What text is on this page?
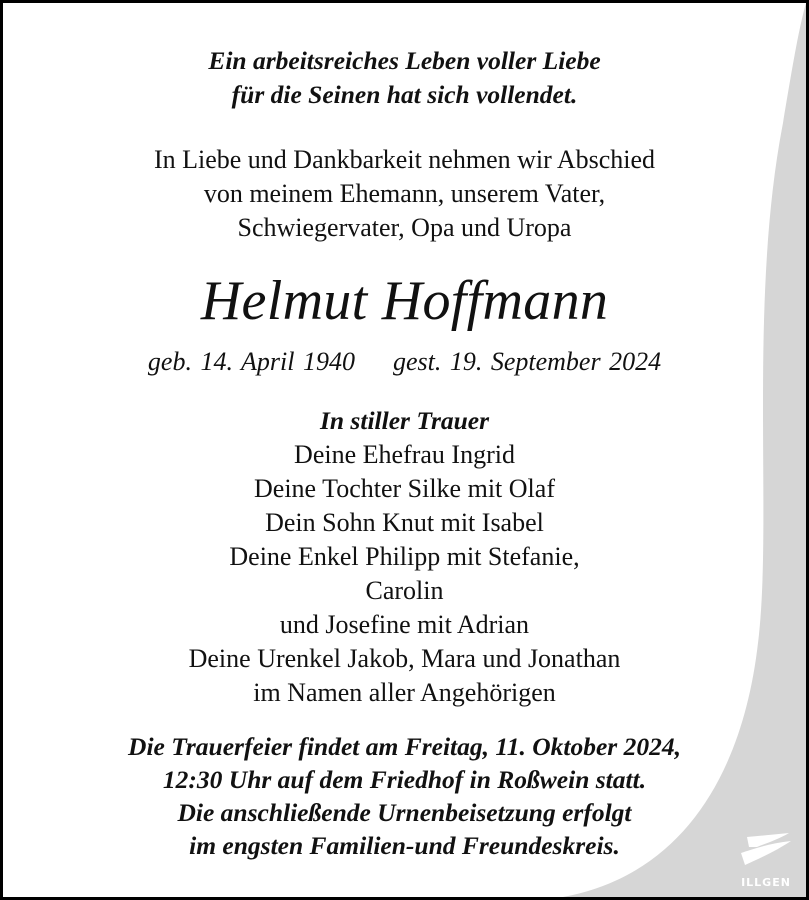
Ein arbeitsreiches Leben voller Liebe
für die Seinen hat sich vollendet.
In Liebe und Dankbarkeit nehmen wir Abschied
von meinem Ehemann, unserem Vater,
Schwiegervater, Opa und Uropa
Helmut Hoffmann
geb. 14. April 1940 gest. 19. September 2024
In stiller Trauer
Deine Ehefrau Ingrid
Deine Tochter Silke mit Olaf
Dein Sohn Knut mit Isabel
Deine Enkel Philipp mit Stefanie,
Carolin
und Josefine mit Adrian
Deine Urenkel Jakob, Mara und Jonathan
im Namen aller Angehörigen
Die Trauerfeier findet am Freitag, 11. Oktober 2024,
12:30 Uhr auf dem Friedhof in Roßwein statt.
Die anschließende Urnenbeisetzung erfolgt
im engsten Familien-und Freundeskreis.
ILLGEN
